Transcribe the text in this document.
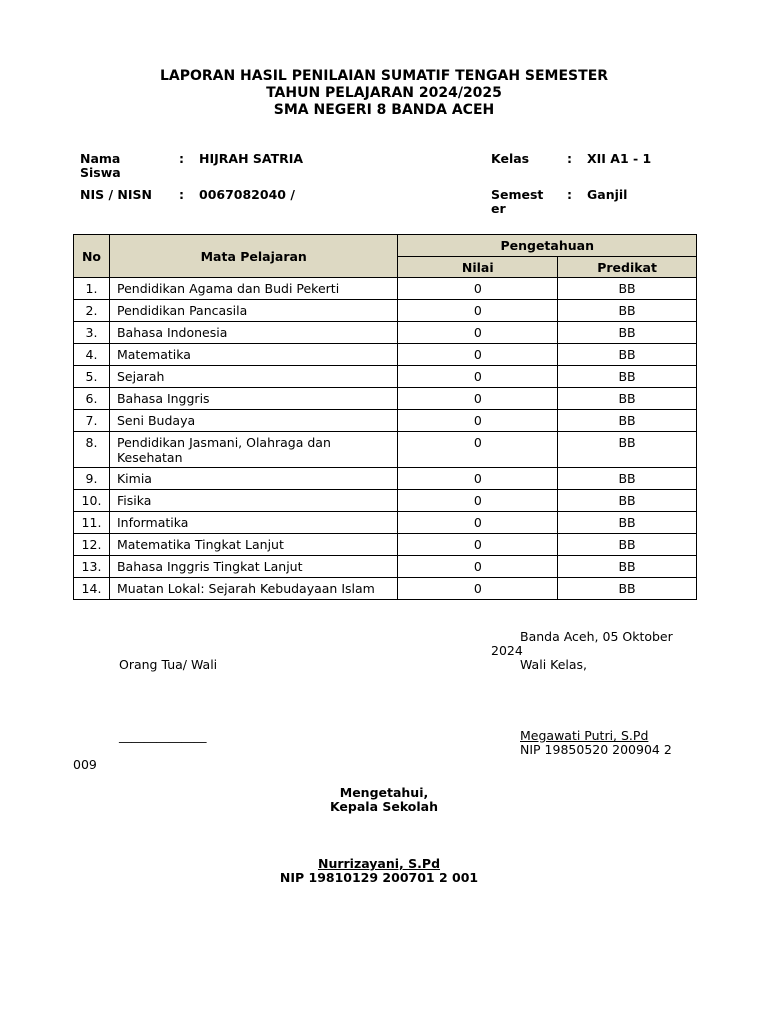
LAPORAN HASIL PENILAIAN SUMATIF TENGAH SEMESTER
TAHUN PELAJARAN 2024/2025
SMA NEGERI 8 BANDA ACEH
Nama
Siswa
: HIJRAH SATRIA
NIS / NISN : 0067082040 /
Kelas	: XII A1 - 1
Semest
er
: Ganjil
No	Mata Pelajaran	Pengetahuan	
		Nilai	Predikat
1.	Pendidikan Agama dan Budi Pekerti	0	BB
2.	Pendidikan Pancasila	0	BB
3.	Bahasa Indonesia	0	BB
4.	Matematika	0	BB
5.	Sejarah	0	BB
6.	Bahasa Inggris	0	BB
7.	Seni Budaya	0	BB
8.	Pendidikan Jasmani, Olahraga dan Kesehatan	0	BB
9.	Kimia	0	BB
10.	Fisika	0	BB
11.	Informatika	0	BB
12.	Matematika Tingkat Lanjut	0	BB
13.	Bahasa Inggris Tingkat Lanjut	0	BB
14.	Muatan Lokal: Sejarah Kebudayaan Islam	0	BB
Banda Aceh, 05 Oktober
2024
Orang Tua/ Wali	Wali Kelas,
______________	Megawati Putri, S.Pd
NIP 19850520 200904 2
009
Mengetahui,
Kepala Sekolah
Nurrizayani, S.Pd
NIP 19810129 200701 2 001
